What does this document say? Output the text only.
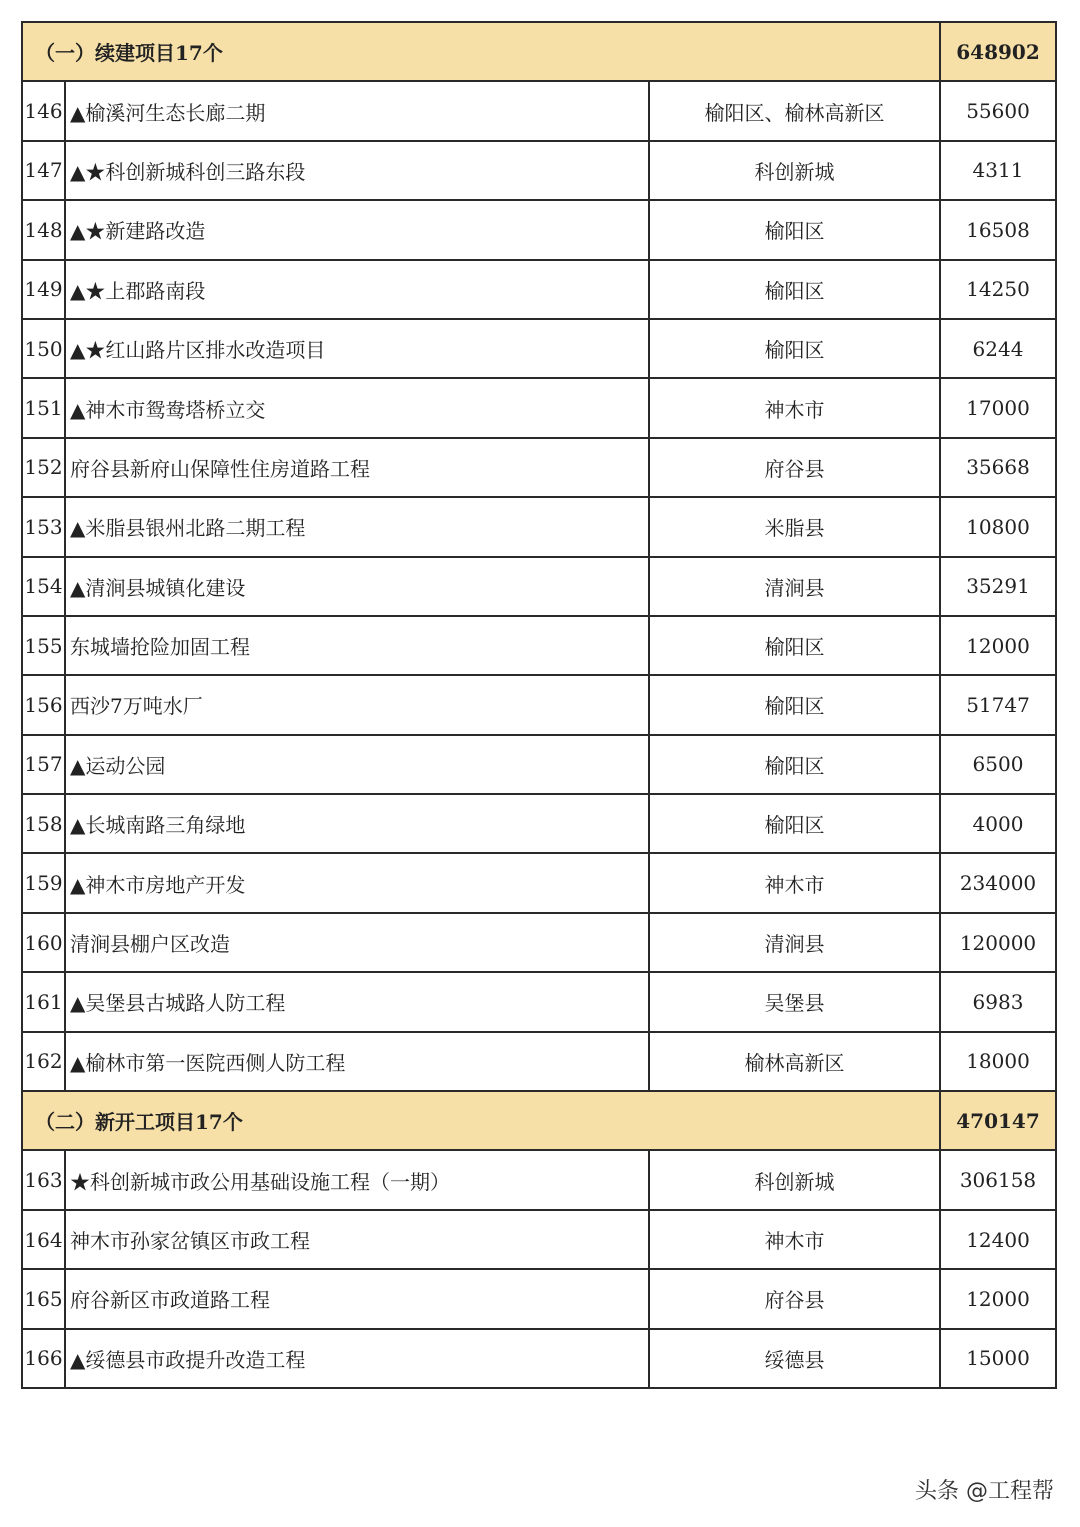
（一）续建项目17个			648902
146	▲榆溪河生态长廊二期	榆阳区、榆林高新区	55600
147	▲★科创新城科创三路东段	科创新城	4311
148	▲★新建路改造	榆阳区	16508
149	▲★上郡路南段	榆阳区	14250
150	▲★红山路片区排水改造项目	榆阳区	6244
151	▲神木市鸳鸯塔桥立交	神木市	17000
152	府谷县新府山保障性住房道路工程	府谷县	35668
153	▲米脂县银州北路二期工程	米脂县	10800
154	▲清涧县城镇化建设	清涧县	35291
155	东城墙抢险加固工程	榆阳区	12000
156	西沙7万吨水厂	榆阳区	51747
157	▲运动公园	榆阳区	6500
158	▲长城南路三角绿地	榆阳区	4000
159	▲神木市房地产开发	神木市	234000
160	清涧县棚户区改造	清涧县	120000
161	▲吴堡县古城路人防工程	吴堡县	6983
162	▲榆林市第一医院西侧人防工程	榆林高新区	18000
（二）新开工项目17个			470147
163	★科创新城市政公用基础设施工程（一期）	科创新城	306158
164	神木市孙家岔镇区市政工程	神木市	12400
165	府谷新区市政道路工程	府谷县	12000
166	▲绥德县市政提升改造工程	绥德县	15000
头条 @工程帮
